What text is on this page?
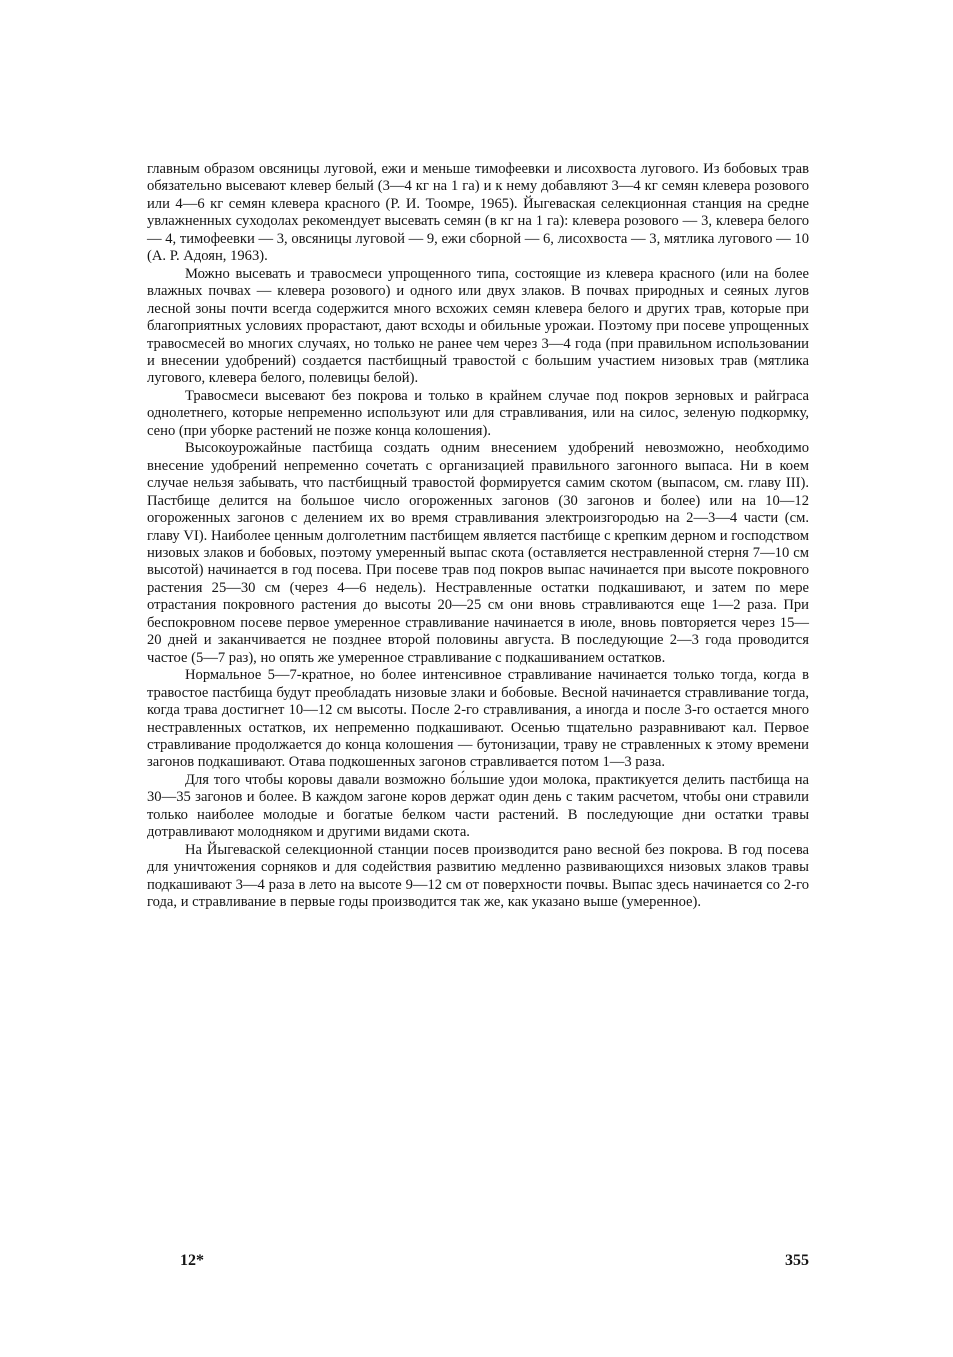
главным образом овсяницы луговой, ежи и меньше тимофеевки и лисохвоста лугового. Из бобовых трав обязательно высевают клевер белый (3—4 кг на 1 га) и к нему добавляют 3—4 кг семян клевера розового или 4—6 кг семян клевера красного (Р. И. Тоомре, 1965). Йыгеваская селекционная станция на средне увлажненных суходолах рекомендует высевать семян (в кг на 1 га): клевера розового — 3, клевера белого — 4, тимофеевки — 3, овсяницы луговой — 9, ежи сборной — 6, лисохвоста — 3, мятлика лугового — 10 (А. Р. Адоян, 1963).

Можно высевать и травосмеси упрощенного типа, состоящие из клевера красного (или на более влажных почвах — клевера розового) и одного или двух злаков. В почвах природных и сеяных лугов лесной зоны почти всегда содержится много всхожих семян клевера белого и других трав, которые при благоприятных условиях прорастают, дают всходы и обильные урожаи. Поэтому при посеве упрощенных травосмесей во многих случаях, но только не ранее чем через 3—4 года (при правильном использовании и внесении удобрений) создается пастбищный травостой с большим участием низовых трав (мятлика лугового, клевера белого, полевицы белой).

Травосмеси высевают без покрова и только в крайнем случае под покров зерновых и райграса однолетнего, которые непременно используют или для стравливания, или на силос, зеленую подкормку, сено (при уборке растений не позже конца колошения).

Высокоурожайные пастбища создать одним внесением удобрений невозможно, необходимо внесение удобрений непременно сочетать с организацией правильного загонного выпаса. Ни в коем случае нельзя забывать, что пастбищный травостой формируется самим скотом (выпасом, см. главу III). Пастбище делится на большое число огороженных загонов (30 загонов и более) или на 10—12 огороженных загонов с делением их во время стравливания электроизгородью на 2—3—4 части (см. главу VI). Наиболее ценным долголетним пастбищем является пастбище с крепким дерном и господством низовых злаков и бобовых, поэтому умеренный выпас скота (оставляется нестравленной стерня 7—10 см высотой) начинается в год посева. При посеве трав под покров выпас начинается при высоте покровного растения 25—30 см (через 4—6 недель). Нестравленные остатки подкашивают, и затем по мере отрастания покровного растения до высоты 20—25 см они вновь стравливаются еще 1—2 раза. При беспокровном посеве первое умеренное стравливание начинается в июле, вновь повторяется через 15—20 дней и заканчивается не позднее второй половины августа. В последующие 2—3 года проводится частое (5—7 раз), но опять же умеренное стравливание с подкашиванием остатков.

Нормальное 5—7-кратное, но более интенсивное стравливание начинается только тогда, когда в травостое пастбища будут преобладать низовые злаки и бобовые. Весной начинается стравливание тогда, когда трава достигнет 10—12 см высоты. После 2-го стравливания, а иногда и после 3-го остается много нестравленных остатков, их непременно подкашивают. Осенью тщательно разравнивают кал. Первое стравливание продолжается до конца колошения — бутонизации, траву не стравленных к этому времени загонов подкашивают. Отава подкошенных загонов стравливается потом 1—3 раза.

Для того чтобы коровы давали возможно бо́льшие удои молока, практикуется делить пастбища на 30—35 загонов и более. В каждом загоне коров держат один день с таким расчетом, чтобы они стравили только наиболее молодые и богатые белком части растений. В последующие дни остатки травы дотравливают молодняком и другими видами скота.

На Йыгеваской селекционной станции посев производится рано весной без покрова. В год посева для уничтожения сорняков и для содействия развитию медленно развивающихся низовых злаков травы подкашивают 3—4 раза в лето на высоте 9—12 см от поверхности почвы. Выпас здесь начинается со 2-го года, и стравливание в первые годы производится так же, как указано выше (умеренное).

12*	355
